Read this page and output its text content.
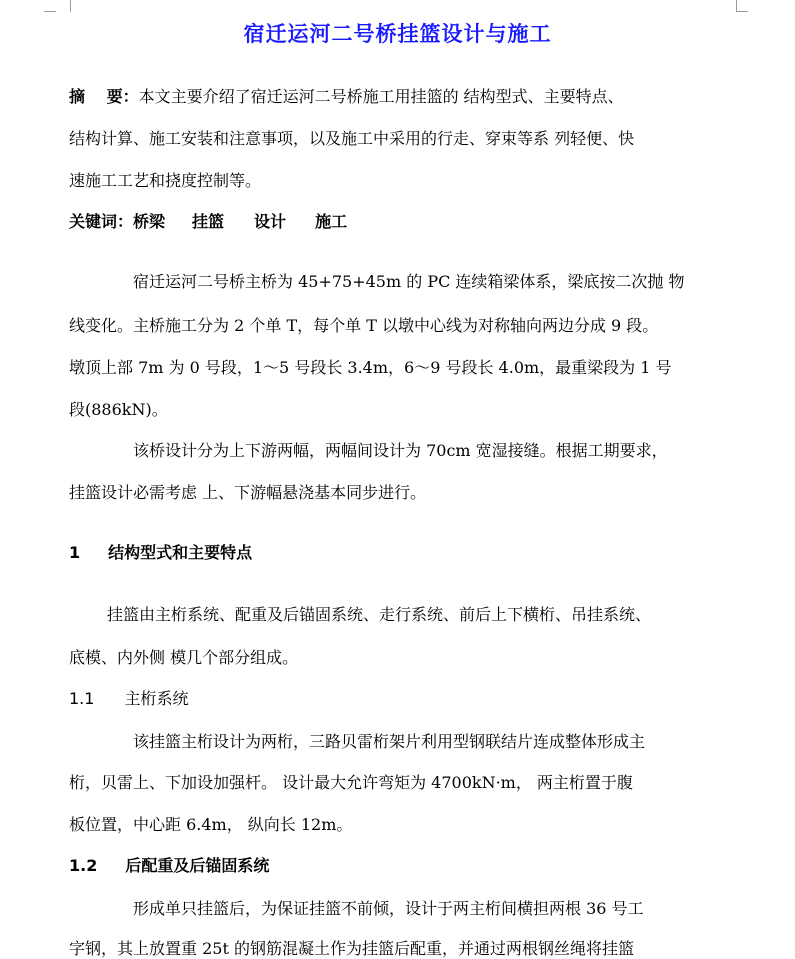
宿迁运河二号桥挂篮设计与施工
摘　 要：本文主要介绍了宿迁运河二号桥施工用挂篮的 结构型式、主要特点、
结构计算、施工安装和注意事项，以及施工中采用的行走、穿束等系 列轻便、快
速施工工艺和挠度控制等。
关键词：桥梁 挂篮 设计 施工
宿迁运河二号桥主桥为 45+75+45m 的 PC 连续箱梁体系，梁底按二次抛 物
线变化。主桥施工分为 2 个单 T，每个单 T 以墩中心线为对称轴向两边分成 9 段。
墩顶上部 7m 为 0 号段，1～5 号段长 3.4m，6～9 号段长 4.0m，最重梁段为 1 号
段(886kN)。
该桥设计分为上下游两幅，两幅间设计为 70cm 宽湿接缝。根据工期要求，
挂篮设计必需考虑 上、下游幅悬浇基本同步进行。
1 结构型式和主要特点
挂篮由主桁系统、配重及后锚固系统、走行系统、前后上下横桁、吊挂系统、
底模、内外侧 模几个部分组成。
1.1 主桁系统
该挂篮主桁设计为两桁，三路贝雷桁架片利用型钢联结片连成整体形成主
桁，贝雷上、下加设加强杆。 设计最大允许弯矩为 4700kN·m， 两主桁置于腹
板位置，中心距 6.4m， 纵向长 12m。
1.2 后配重及后锚固系统
形成单只挂篮后，为保证挂篮不前倾，设计于两主桁间横担两根 36 号工
字钢，其上放置重 25t 的钢筋混凝土作为挂篮后配重，并通过两根钢丝绳将挂篮
